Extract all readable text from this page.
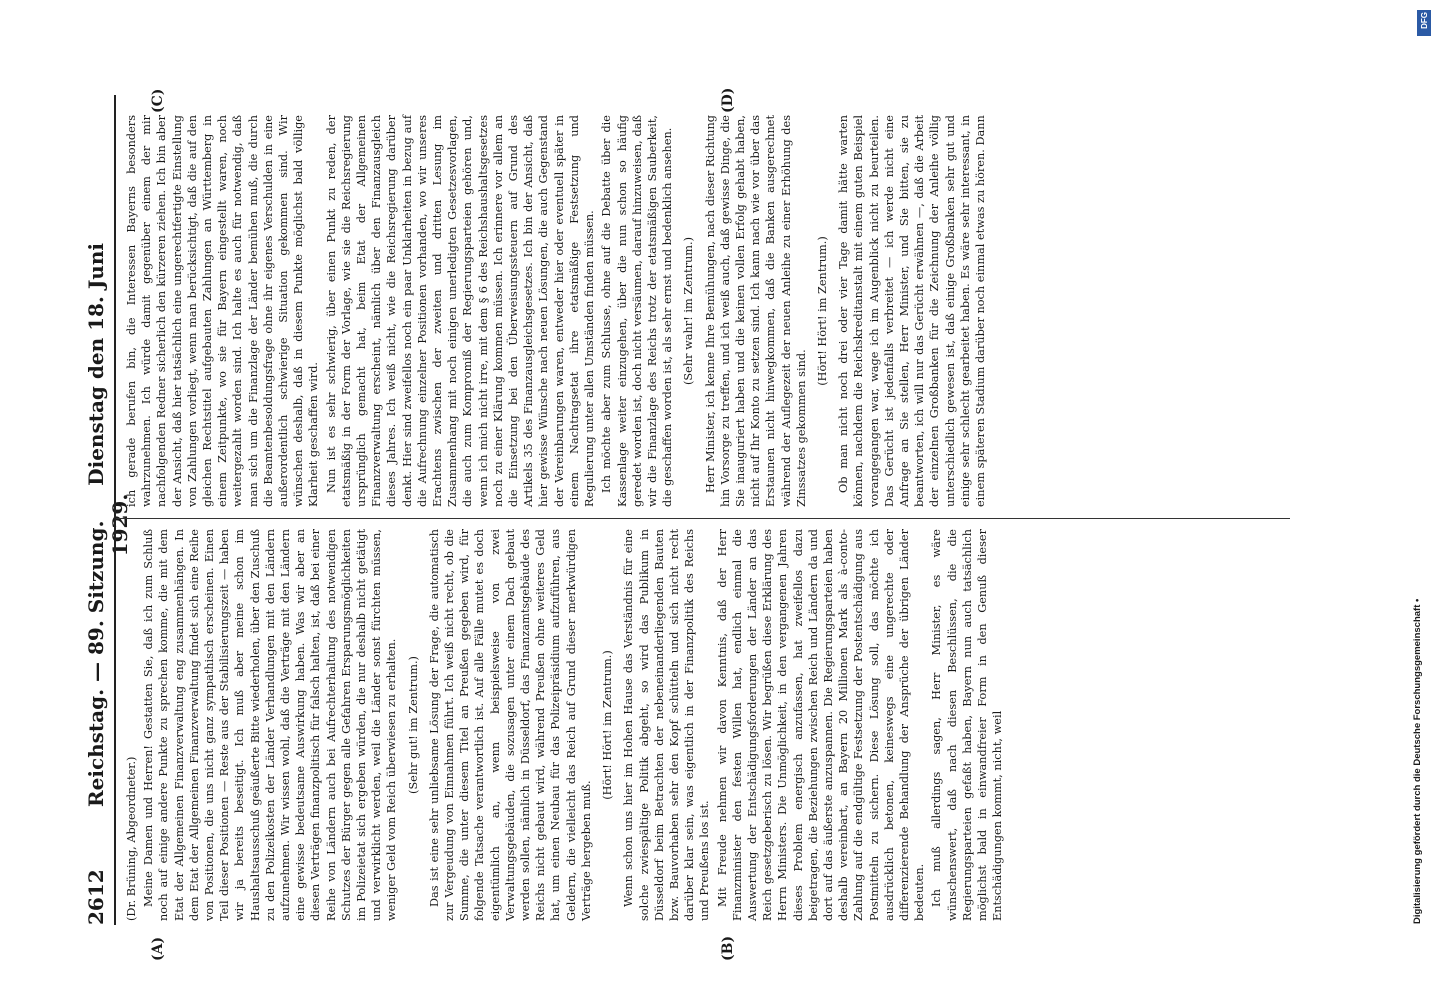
2612
Reichstag. — 89. Sitzung.     Dienstag den 18. Juni 1929.
(A)	(B)
(C)	(D)

(Dr. Brüning, Abgeordneter.) Meine Damen und Herren! Gestatten Sie, daß ich zum Schluß noch auf einige andere Punkte zu sprechen komme, die mit dem Etat der Allgemeinen Finanzverwaltung eng zusammenhängen. In dem Etat der Allgemeinen Finanzverwaltung findet sich eine Reihe von Positionen, die uns nicht ganz sympathisch erscheinen. Einen Teil dieser Positionen — Reste aus der Stabilisierungszeit — haben wir ja bereits beseitigt. Ich muß aber meine schon im Haushaltsausschuß geäußerte Bitte wiederholen, über den Zuschuß zu den Polizeikosten der Länder Verhandlungen mit den Ländern aufzunehmen. Wir wissen wohl, daß die Verträge mit den Ländern eine gewisse bedeutsame Auswirkung haben. Was wir aber an diesen Verträgen finanzpolitisch für falsch halten, ist, daß bei einer Reihe von Ländern auch bei Aufrechterhaltung des notwendigen Schutzes der Bürger gegen alle Gefahren Ersparungsmöglichkeiten im Polizeietat sich ergeben würden, die nur deshalb nicht getätigt und verwirklicht werden, weil die Länder sonst fürchten müssen, weniger Geld vom Reich überwiesen zu erhalten. (Sehr gut! im Zentrum.) Das ist eine sehr unliebsame Lösung der Frage, die automatisch zur Vergeudung von Einnahmen führt. Ich weiß nicht recht, ob die Summe, die unter diesem Titel an Preußen gegeben wird, für folgende Tatsache verantwortlich ist. Auf alle Fälle mutet es doch eigentümlich an, wenn beispielsweise von zwei Verwaltungsgebäuden, die sozusagen unter einem Dach gebaut werden sollen, nämlich in Düsseldorf, das Finanzamtsgebäude des Reichs nicht gebaut wird, während Preußen ohne weiteres Geld hat, um einen Neubau für das Polizeipräsidium aufzuführen, aus Geldern, die vielleicht das Reich auf Grund dieser merkwürdigen Verträge hergeben muß.

(Hört! Hört! im Zentrum.) Wenn schon uns hier im Hohen Hause das Verständnis für eine solche zwiespältige Politik abgeht, so wird das Publikum in Düsseldorf beim Betrachten der nebeneinanderliegenden Bauten bzw. Bauvorhaben sehr den Kopf schütteln und sich nicht recht darüber klar sein, was eigentlich in der Finanzpolitik des Reichs und Preußens los ist. Mit Freude nehmen wir davon Kenntnis, daß der Herr Finanzminister den festen Willen hat, endlich einmal die Auswertung der Entschädigungsforderungen der Länder an das Reich gesetzgeberisch zu lösen. Wir begrüßen diese Erklärung des Herrn Ministers. Die Unmöglichkeit, in den vergangenen Jahren dieses Problem energisch anzufassen, hat zweifellos dazu beigetragen, die Beziehungen zwischen Reich und Ländern da und dort auf das äußerste anzuspannen. Die Regierungsparteien haben deshalb vereinbart, an Bayern 20 Millionen Mark als à-conto-Zahlung auf die endgültige Festsetzung der Postentschädigung aus Postmitteln zu sichern. Diese Lösung soll, das möchte ich ausdrücklich betonen, keineswegs eine ungerechte oder differenzierende Behandlung der Ansprüche der übrigen Länder bedeuten. Ich muß allerdings sagen, Herr Minister, es wäre wünschenswert, daß nach diesen Beschlüssen, die die Regierungsparteien gefaßt haben, Bayern nun auch tatsächlich möglichst bald in einwandfreier Form in den Genuß dieser Entschädigungen kommt, nicht, weil

ich gerade berufen bin, die Interessen Bayerns besonders wahrzunehmen. Ich würde damit gegenüber einem der mir nachfolgenden Redner sicherlich den kürzeren ziehen. Ich bin aber der Ansicht, daß hier tatsächlich eine ungerechtfertigte Einstellung von Zahlungen vorliegt, wenn man berücksichtigt, daß die auf den gleichen Rechtstitel aufgebauten Zahlungen an Württemberg in einem Zeitpunkte, wo sie für Bayern eingestellt waren, noch weitergezahlt worden sind. Ich halte es auch für notwendig, daß man sich um die Finanzlage der Länder bemühen muß, die durch die Beamtenbesoldungsfrage ohne ihr eigenes Verschulden in eine außerordentlich schwierige Situation gekommen sind. Wir wünschen deshalb, daß in diesem Punkte möglichst bald völlige Klarheit geschaffen wird. Nun ist es sehr schwierig, über einen Punkt zu reden, der etatsmäßig in der Form der Vorlage, wie sie die Reichsregierung ursprünglich gemacht hat, beim Etat der Allgemeinen Finanzverwaltung erscheint, nämlich über den Finanzausgleich dieses Jahres. Ich weiß nicht, wie die Reichsregierung darüber denkt. Hier sind zweifellos noch ein paar Unklarheiten in bezug auf die Aufrechnung einzelner Positionen vorhanden, wo wir unseres Erachtens zwischen der zweiten und dritten Lesung im Zusammenhang mit noch einigen unerledigten Gesetzesvorlagen, die auch zum Kompromiß der Regierungsparteien gehören und, wenn ich mich nicht irre, mit dem § 6 des Reichshaushaltsgesetzes noch zu einer Klärung kommen müssen. Ich erinnere vor allem an die Einsetzung bei den Überweisungssteuern auf Grund des Artikels 35 des Finanzausgleichsgesetzes. Ich bin der Ansicht, daß hier gewisse Wünsche nach neuen Lösungen, die auch Gegenstand der Vereinbarungen waren, entweder hier oder eventuell später in einem Nachtragsetat ihre etatsmäßige Festsetzung und Regulierung unter allen Umständen finden müssen. Ich möchte aber zum Schlusse, ohne auf die Debatte über die Kassenlage weiter einzugehen, über die nun schon so häufig geredet worden ist, doch nicht versäumen, darauf hinzuweisen, daß wir die Finanzlage des Reichs trotz der etatsmäßigen Sauberkeit, die geschaffen worden ist, als sehr ernst und bedenklich ansehen. (Sehr wahr! im Zentrum.) Herr Minister, ich kenne Ihre Bemühungen, nach dieser Richtung hin Vorsorge zu treffen, und ich weiß auch, daß gewisse Dinge, die Sie inauguriert haben und die keinen vollen Erfolg gehabt haben, nicht auf Ihr Konto zu setzen sind. Ich kann nach wie vor über das Erstaunen nicht hinwegkommen, daß die Banken ausgerechnet während der Auflegezeit der neuen Anleihe zu einer Erhöhung des Zinssatzes gekommen sind.

(Hört! Hört! im Zentrum.) Ob man nicht noch drei oder vier Tage damit hätte warten können, nachdem die Reichskreditanstalt mit einem guten Beispiel vorangegangen war, wage ich im Augenblick nicht zu beurteilen. Das Gerücht ist jedenfalls verbreitet — ich werde nicht eine Anfrage an Sie stellen, Herr Minister, und Sie bitten, sie zu beantworten, ich will nur das Gerücht erwähnen —, daß die Arbeit der einzelnen Großbanken für die Zeichnung der Anleihe völlig unterschiedlich gewesen ist, daß einige Großbanken sehr gut und einige sehr schlecht gearbeitet haben. Es wäre sehr interessant, in einem späteren Stadium darüber noch einmal etwas zu hören. Dann

DFG
Digitalisierung gefördert durch die Deutsche Forschungsgemeinschaft •
